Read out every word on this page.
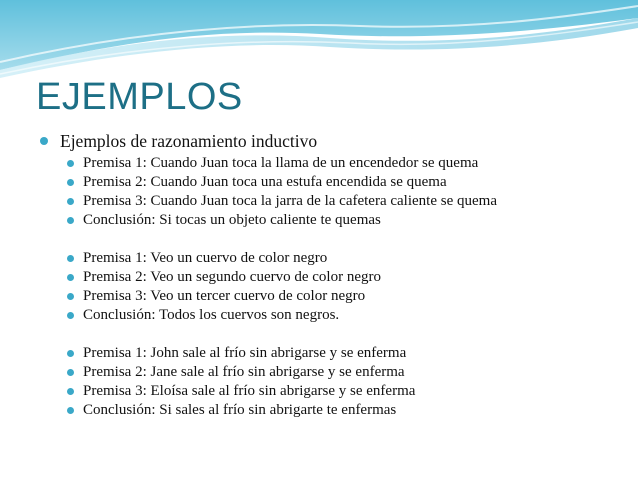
EJEMPLOS
Ejemplos de razonamiento inductivo
Premisa 1: Cuando Juan toca la llama de un encendedor se quema
Premisa 2: Cuando Juan toca una estufa encendida se quema
Premisa 3: Cuando Juan toca la jarra de la cafetera caliente se quema
Conclusión: Si tocas un objeto caliente te quemas
Premisa 1: Veo un cuervo de color negro
Premisa 2: Veo un segundo cuervo de color negro
Premisa 3: Veo un tercer cuervo de color negro
Conclusión: Todos los cuervos son negros.
Premisa 1: John sale al frío sin abrigarse y se enferma
Premisa 2: Jane sale al frío sin abrigarse y se enferma
Premisa 3: Eloísa sale al frío sin abrigarse y se enferma
Conclusión: Si sales al frío sin abrigarte te enfermas
